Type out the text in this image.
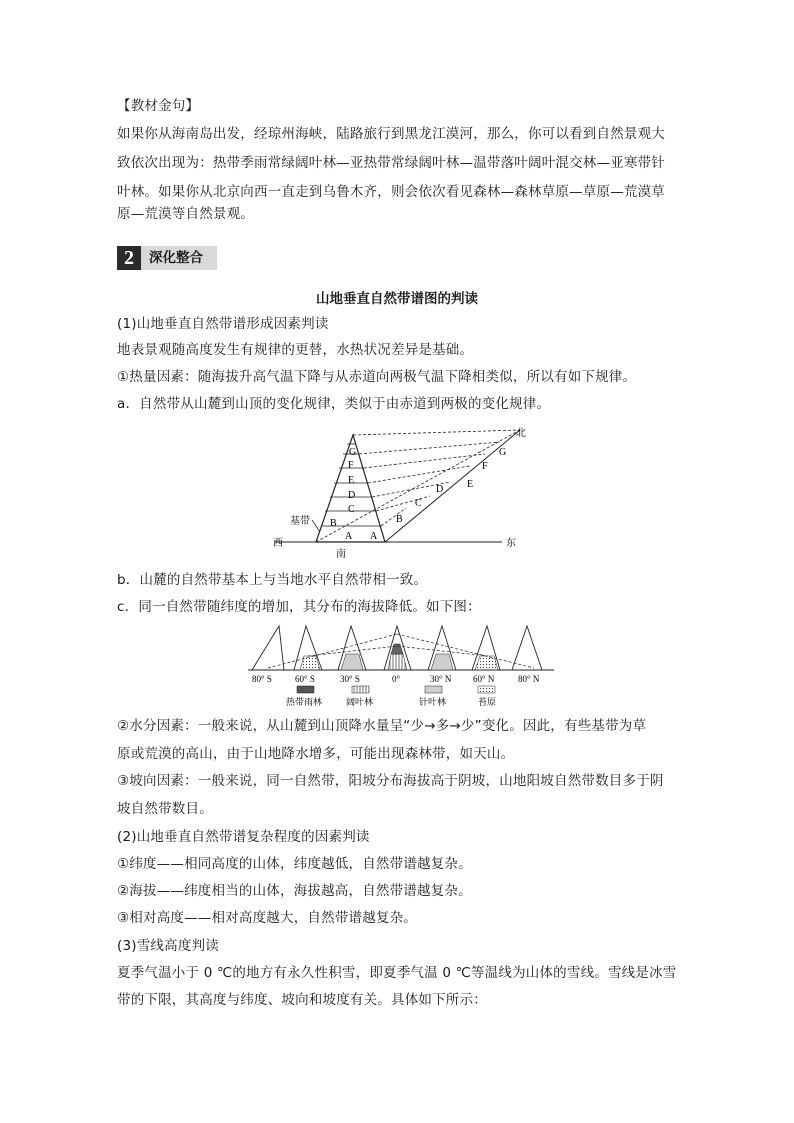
【教材金句】
如果你从海南岛出发，经琼州海峡，陆路旅行到黑龙江漠河，那么，你可以看到自然景观大
致依次出现为：热带季雨常绿阔叶林—亚热带常绿阔叶林—温带落叶阔叶混交林—亚寒带针
叶林。如果你从北京向西一直走到乌鲁木齐，则会依次看见森林—森林草原—草原—荒漠草
原—荒漠等自然景观。
2	深化整合
山地垂直自然带谱图的判读
(1)山地垂直自然带谱形成因素判读
地表景观随高度发生有规律的更替，水热状况差异是基础。
①热量因素：随海拔升高气温下降与从赤道向两极气温下降相类似，所以有如下规律。
a．自然带从山麓到山顶的变化规律，类似于由赤道到两极的变化规律。
A
B
C
D
E
F
G
A
B
C
D E
F
G
基带
西	东
南
北
b．山麓的自然带基本上与当地水平自然带相一致。
c．同一自然带随纬度的增加，其分布的海拔降低。如下图：
80° S	60° S	30° S	0°	30° N 60° N	80° N
热带雨林	阔叶林	针叶林	苔原
②水分因素：一般来说，从山麓到山顶降水量呈“少→多→少”变化。因此，有些基带为草
原或荒漠的高山，由于山地降水增多，可能出现森林带，如天山。
③坡向因素：一般来说，同一自然带，阳坡分布海拔高于阴坡，山地阳坡自然带数目多于阴
坡自然带数目。
(2)山地垂直自然带谱复杂程度的因素判读
①纬度——相同高度的山体，纬度越低，自然带谱越复杂。
②海拔——纬度相当的山体，海拔越高，自然带谱越复杂。
③相对高度——相对高度越大，自然带谱越复杂。
(3)雪线高度判读
夏季气温小于 0 ℃的地方有永久性积雪，即夏季气温 0 ℃等温线为山体的雪线。雪线是冰雪
带的下限，其高度与纬度、坡向和坡度有关。具体如下所示：
